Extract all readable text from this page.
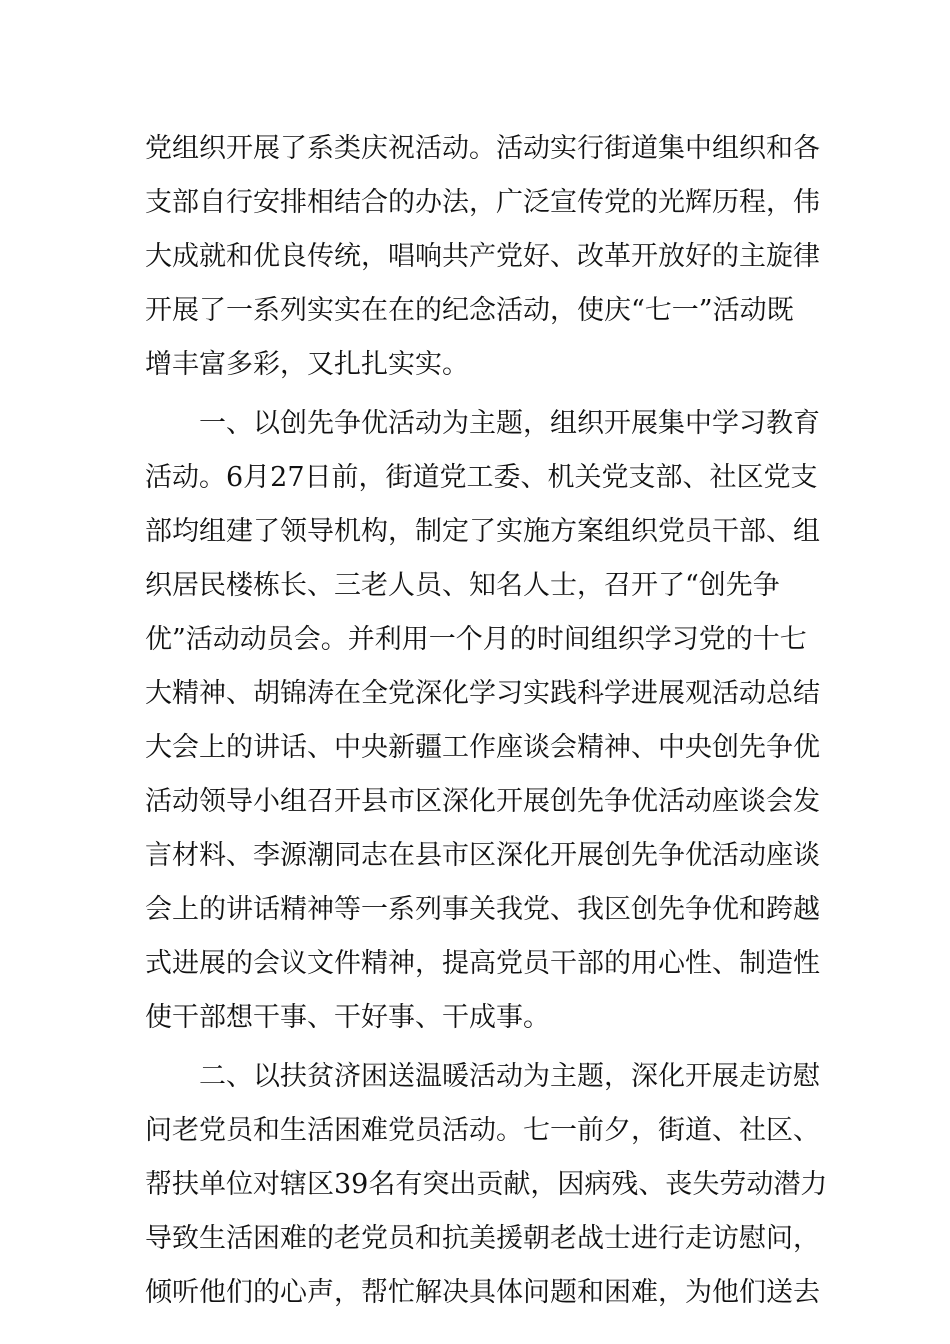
党组织开展了系类庆祝活动。活动实行街道集中组织和各
支部自行安排相结合的办法，广泛宣传党的光辉历程，伟
大成就和优良传统，唱响共产党好、改革开放好的主旋律
开展了一系列实实在在的纪念活动，使庆“七一”活动既
增丰富多彩，又扎扎实实。
一、以创先争优活动为主题，组织开展集中学习教育
活动。6月27日前，街道党工委、机关党支部、社区党支
部均组建了领导机构，制定了实施方案组织党员干部、组
织居民楼栋长、三老人员、知名人士，召开了“创先争
优”活动动员会。并利用一个月的时间组织学习党的十七
大精神、胡锦涛在全党深化学习实践科学进展观活动总结
大会上的讲话、中央新疆工作座谈会精神、中央创先争优
活动领导小组召开县市区深化开展创先争优活动座谈会发
言材料、李源潮同志在县市区深化开展创先争优活动座谈
会上的讲话精神等一系列事关我党、我区创先争优和跨越
式进展的会议文件精神，提高党员干部的用心性、制造性
使干部想干事、干好事、干成事。
二、以扶贫济困送温暖活动为主题，深化开展走访慰
问老党员和生活困难党员活动。七一前夕，街道、社区、
帮扶单位对辖区39名有突出贡献，因病残、丧失劳动潜力
导致生活困难的老党员和抗美援朝老战士进行走访慰问，
倾听他们的心声，帮忙解决具体问题和困难，为他们送去
